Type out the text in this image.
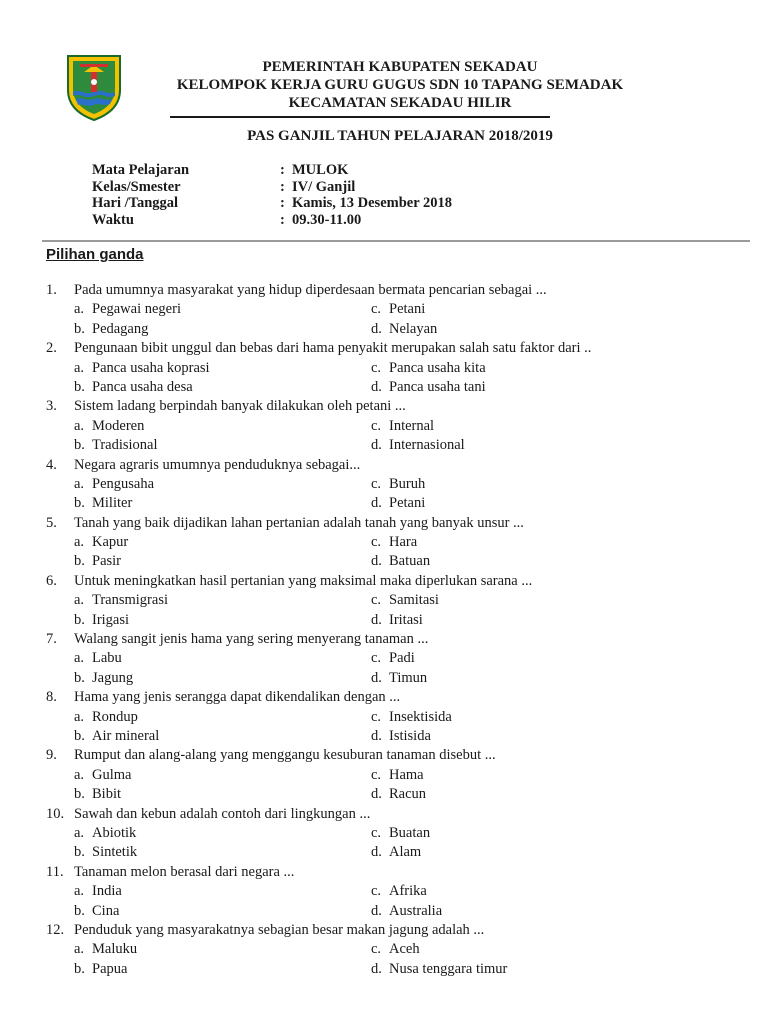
PEMERINTAH KABUPATEN SEKADAU
KELOMPOK KERJA GURU GUGUS SDN 10 TAPANG SEMADAK
KECAMATAN SEKADAU HILIR
PAS GANJIL TAHUN PELAJARAN 2018/2019
Mata Pelajaran	: MULOK
Kelas/Smester	: IV/ Ganjil
Hari /Tanggal	: Kamis, 13 Desember 2018
Waktu	: 09.30-11.00
Pilihan ganda
1.	Pada umumnya masyarakat yang hidup diperdesaan bermata pencarian sebagai ...
a. Pegawai negeri	c. Petani
b. Pedagang	d. Nelayan
2.	Pengunaan bibit unggul dan bebas dari hama penyakit merupakan salah satu faktor dari ..
a. Panca usaha koprasi	c. Panca usaha kita
b. Panca usaha desa	d. Panca usaha tani
3.	Sistem ladang berpindah banyak dilakukan oleh petani ...
a. Moderen	c. Internal
b. Tradisional	d. Internasional
4.	Negara agraris umumnya penduduknya sebagai...
a. Pengusaha	c. Buruh
b. Militer	d. Petani
5.	Tanah yang baik dijadikan lahan pertanian adalah tanah yang banyak unsur ...
a. Kapur	c. Hara
b. Pasir	d. Batuan
6.	Untuk meningkatkan hasil pertanian yang maksimal maka diperlukan sarana ...
a. Transmigrasi	c. Samitasi
b. Irigasi	d. Iritasi
7.	Walang sangit jenis hama yang sering menyerang tanaman ...
a. Labu	c. Padi
b. Jagung	d. Timun
8.	Hama yang jenis serangga dapat dikendalikan dengan ...
a. Rondup	c. Insektisida
b. Air mineral	d. Istisida
9.	Rumput dan alang-alang yang menggangu kesuburan tanaman disebut ...
a. Gulma	c. Hama
b. Bibit	d. Racun
10. Sawah dan kebun adalah contoh dari lingkungan ...
a. Abiotik	c. Buatan
b. Sintetik	d. Alam
11. Tanaman melon berasal dari negara ...
a. India	c. Afrika
b. Cina	d. Australia
12. Penduduk yang masyarakatnya sebagian besar makan jagung adalah ...
a. Maluku	c. Aceh
b. Papua	d. Nusa tenggara timur
